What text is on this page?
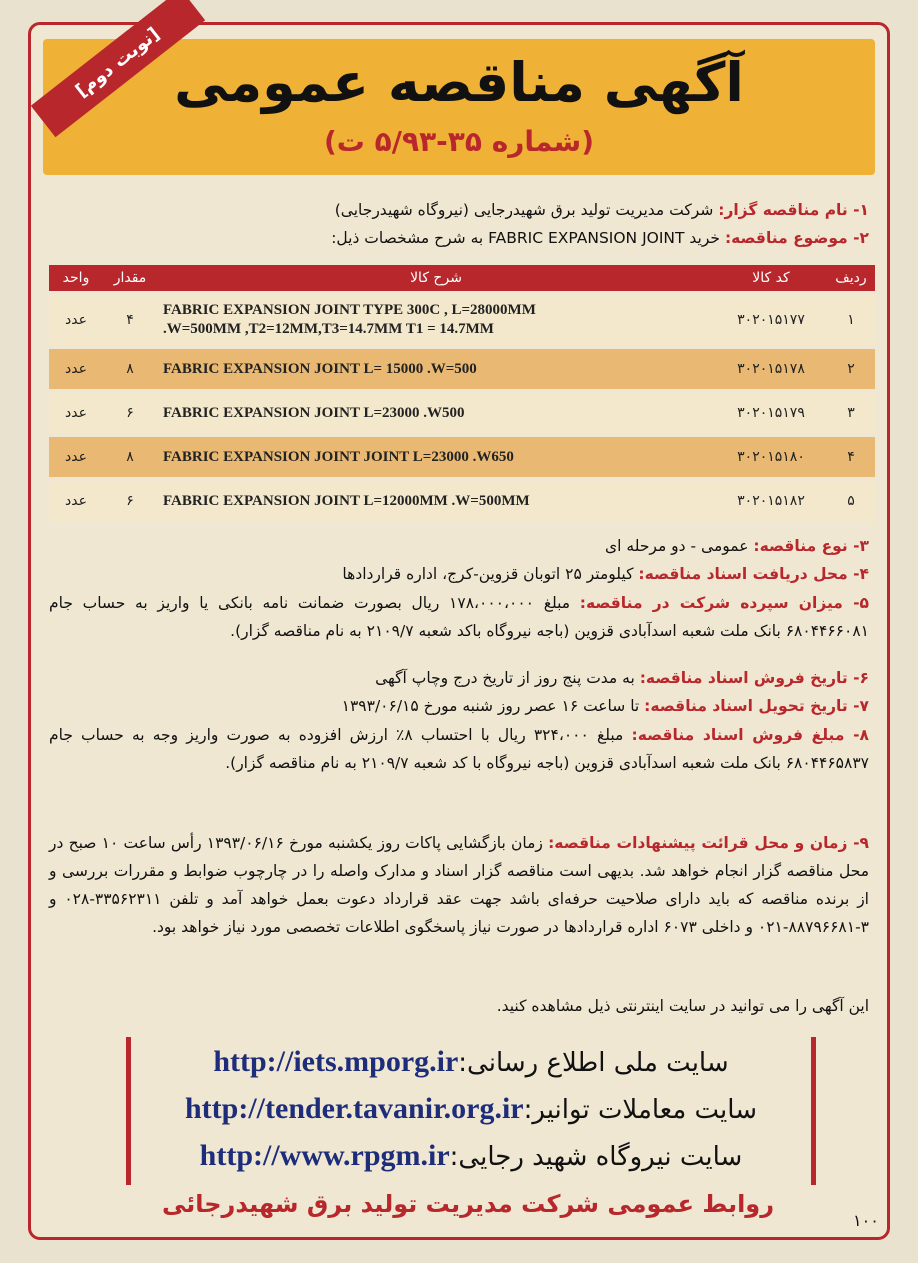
آگهی مناقصه عمومی
(شماره ۳۵-۵/۹۳ ت)
[نوبت دوم]
۱- نام مناقصه گزار: شرکت مدیریت تولید برق شهیدرجایی (نیروگاه شهیدرجایی)
۲- موضوع مناقصه: خرید FABRIC EXPANSION JOINT به شرح مشخصات ذیل:
ردیف	کد کالا	شرح کالا	مقدار	واحد
۱	۳۰۲۰۱۵۱۷۷	FABRIC EXPANSION JOINT TYPE 300C , L=28000MM
.W=500MM ,T2=12MM,T3=14.7MM T1 = 14.7MM	۴	عدد
۲	۳۰۲۰۱۵۱۷۸	FABRIC EXPANSION JOINT L= 15000 .W=500	۸	عدد
۳	۳۰۲۰۱۵۱۷۹	FABRIC EXPANSION JOINT L=23000 .W500	۶	عدد
۴	۳۰۲۰۱۵۱۸۰	FABRIC EXPANSION JOINT JOINT L=23000 .W650	۸	عدد
۵	۳۰۲۰۱۵۱۸۲	FABRIC EXPANSION JOINT L=12000MM .W=500MM	۶	عدد
۳- نوع مناقصه: عمومی - دو مرحله ای
۴- محل دریافت اسناد مناقصه: کیلومتر ۲۵ اتوبان قزوین-کرج، اداره قراردادها
۵- میزان سپرده شرکت در مناقصه: مبلغ ۱۷۸،۰۰۰،۰۰۰ ریال بصورت ضمانت نامه بانکی یا واریز به حساب جام ۶۸۰۴۴۶۶۰۸۱ بانک ملت شعبه اسدآبادی قزوین (باجه نیروگاه باکد شعبه ۲۱۰۹/۷ به نام مناقصه گزار).
۶- تاریخ فروش اسناد مناقصه: به مدت پنج روز از تاریخ درج وچاپ آگهی
۷- تاریخ تحویل اسناد مناقصه: تا ساعت ۱۶ عصر روز شنبه مورخ ۱۳۹۳/۰۶/۱۵
۸- مبلغ فروش اسناد مناقصه: مبلغ ۳۲۴،۰۰۰ ریال با احتساب ۸٪ ارزش افزوده به صورت واریز وجه به حساب جام ۶۸۰۴۴۶۵۸۳۷ بانک ملت شعبه اسدآبادی قزوین (باجه نیروگاه با کد شعبه ۲۱۰۹/۷ به نام مناقصه گزار).
۹- زمان و محل قرائت پیشنهادات مناقصه: زمان بازگشایی پاکات روز یکشنبه مورخ ۱۳۹۳/۰۶/۱۶ رأس ساعت ۱۰ صبح در محل مناقصه گزار انجام خواهد شد. بدیهی است مناقصه گزار اسناد و مدارک واصله را در چارچوب ضوابط و مقررات بررسی و از برنده مناقصه که باید دارای صلاحیت حرفه‌ای باشد جهت عقد قرارداد دعوت بعمل خواهد آمد و تلفن ۳۳۵۶۲۳۱۱-۰۲۸ و ۳-۸۸۷۹۶۶۸۱-۰۲۱ و داخلی ۶۰۷۳ اداره قراردادها در صورت نیاز پاسخگوی اطلاعات تخصصی مورد نیاز خواهد بود.
این آگهی را می توانید در سایت اینترنتی ذیل مشاهده کنید.
سایت ملی اطلاع رسانی:http://iets.mporg.ir
سایت معاملات توانیر:http://tender.tavanir.org.ir
سایت نیروگاه شهید رجایی:http://www.rpgm.ir
روابط عمومی شرکت مدیریت تولید برق شهیدرجائی
۱۰۰
